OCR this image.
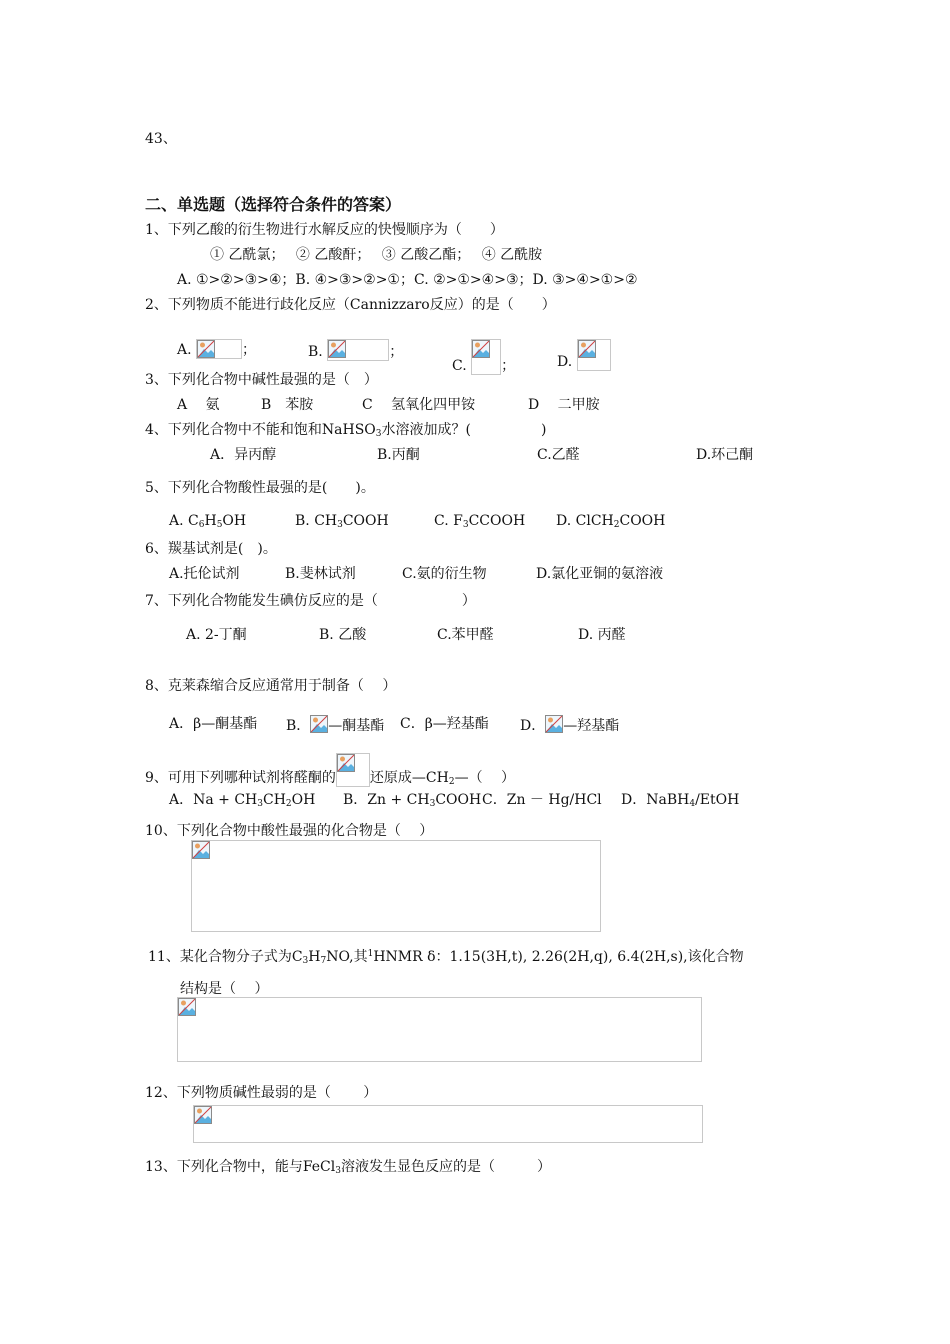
43、
二、单选题（选择符合条件的答案）
1、下列乙酸的衍生物进行水解反应的快慢顺序为（　　）
① 乙酰氯；　 ② 乙酸酐；　 ③ 乙酸乙酯；　 ④ 乙酰胺
A. ①>②>③>④；B. ④>③>②>①；C. ②>①>④>③；D. ③>④>①>②
2、下列物质不能进行歧化反应（Cannizzaro反应）的是（　　）
A.	；	B.	；
C. ；	D.
3、下列化合物中碱性最强的是（　）
A　 氨	B　苯胺	C　 氢氧化四甲铵	D　 二甲胺
4、下列化合物中不能和饱和NaHSO$_3$水溶液加成？(　　　　　)
A．异丙醇	B.丙酮	C.乙醛	D.环己酮
5、下列化合物酸性最强的是(　　)。
A. $C_6H_5OH$	B. $CH_3COOH$	C. $F_3CCOOH$ D. ClCH$_2$COOH
6、羰基试剂是(　)。
A.托伦试剂	B.斐林试剂	C.氨的衍生物	D.氯化亚铜的氨溶液
7、下列化合物能发生碘仿反应的是（　　　　　　）
A. 2-丁酮	B. 乙酸	C.苯甲醛	D. 丙醛
8、克莱森缩合反应通常用于制备（　 ）
A．β—酮基酯 B． —酮基酯 C．β—羟基酯 D． —羟基酯
9、可用下列哪种试剂将醛酮的 还原成$—CH_2—$（　 ）
A．$Na + CH_3CH_2OH$ B．$Zn + CH_3COOH$ C．Zn － Hg/HCl D．NaBH$_4$/EtOH
10、下列化合物中酸性最强的化合物是（　 ）
11、某化合物分子式为$C_3H_7NO$,其$^1$HNMR δ：1.15(3H,t), 2.26(2H,q), 6.4(2H,s),该化合物
结构是（　 ）
12、下列物质碱性最弱的是（　　 ）
13、下列化合物中，能与FeCl$_3$溶液发生显色反应的是（　　　）
